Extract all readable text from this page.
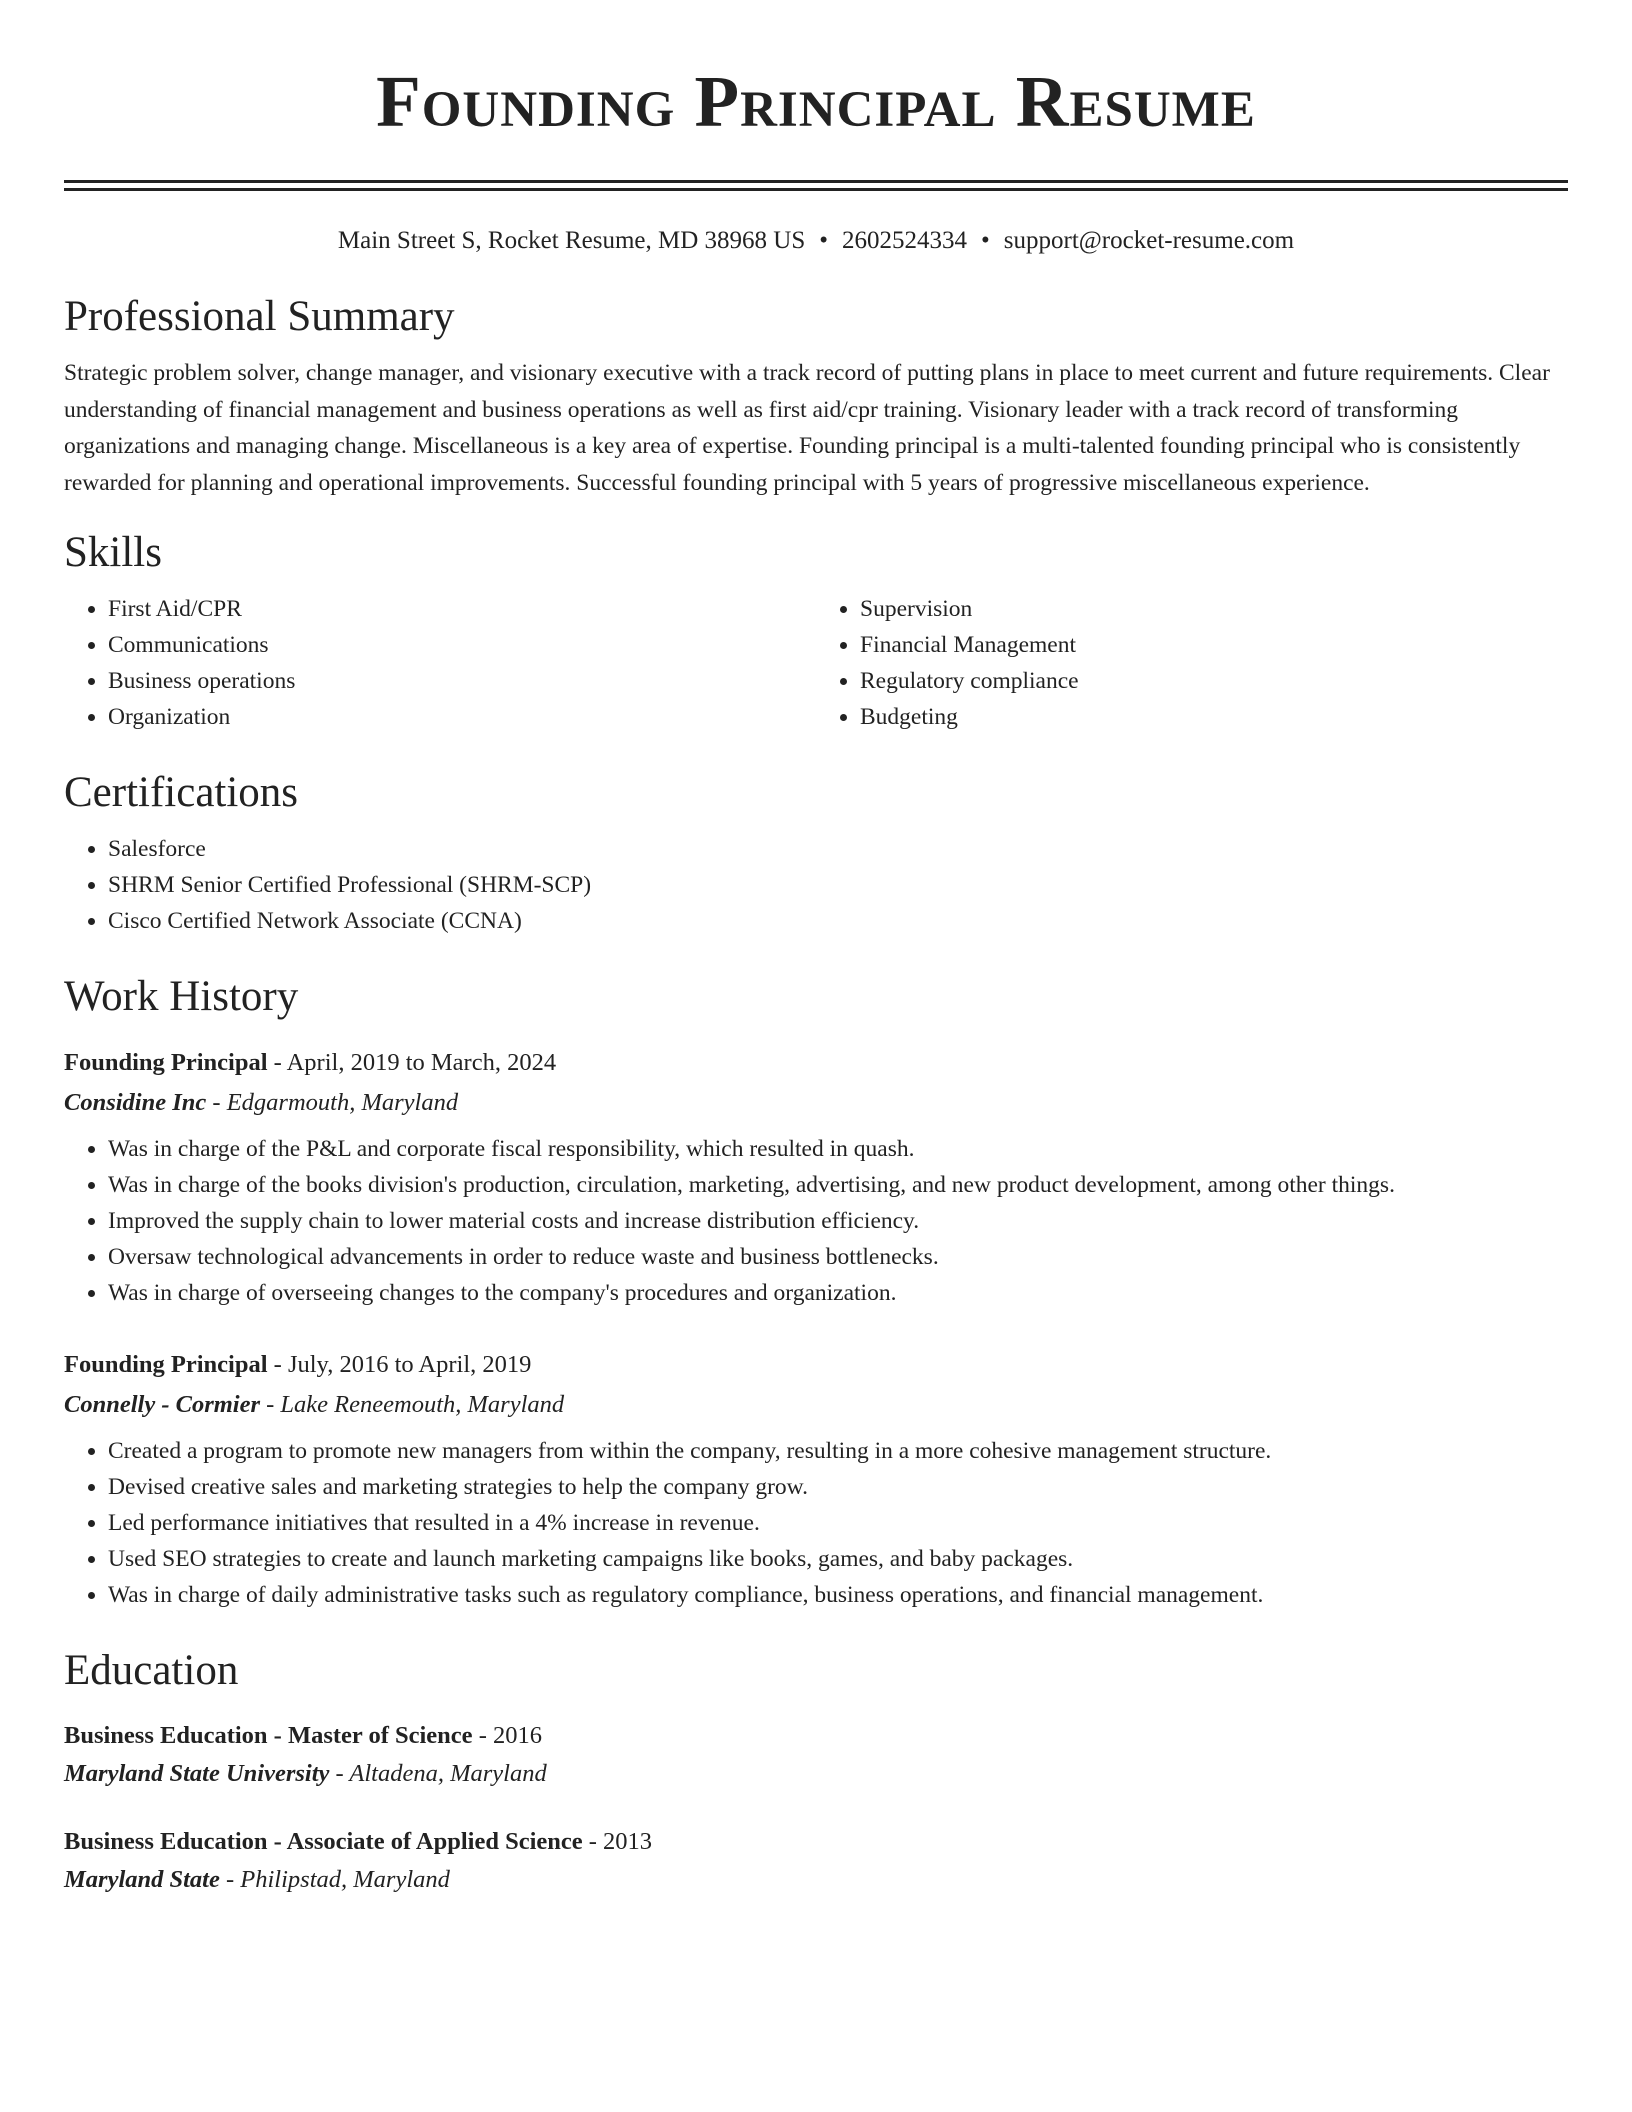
Founding Principal Resume
Main Street S, Rocket Resume, MD 38968 US • 2602524334 • support@rocket-resume.com
Professional Summary

Strategic problem solver, change manager, and visionary executive with a track record of putting plans in place to meet current and future requirements. Clear understanding of financial management and business operations as well as first aid/cpr training. Visionary leader with a track record of transforming organizations and managing change. Miscellaneous is a key area of expertise. Founding principal is a multi-talented founding principal who is consistently rewarded for planning and operational improvements. Successful founding principal with 5 years of progressive miscellaneous experience.

Skills
• First Aid/CPR
• Communications
• Business operations
• Organization
• Supervision
• Financial Management
• Regulatory compliance
• Budgeting
Certifications
• Salesforce
• SHRM Senior Certified Professional (SHRM-SCP)
• Cisco Certified Network Associate (CCNA)
Work History
Founding Principal - April, 2019 to March, 2024
Considine Inc - Edgarmouth, Maryland
• Was in charge of the P&L and corporate fiscal responsibility, which resulted in quash.
• Was in charge of the books division's production, circulation, marketing, advertising, and new product development, among other things.
• Improved the supply chain to lower material costs and increase distribution efficiency.
• Oversaw technological advancements in order to reduce waste and business bottlenecks.
• Was in charge of overseeing changes to the company's procedures and organization.
Founding Principal - July, 2016 to April, 2019
Connelly - Cormier - Lake Reneemouth, Maryland
• Created a program to promote new managers from within the company, resulting in a more cohesive management structure.
• Devised creative sales and marketing strategies to help the company grow.
• Led performance initiatives that resulted in a 4% increase in revenue.
• Used SEO strategies to create and launch marketing campaigns like books, games, and baby packages.
• Was in charge of daily administrative tasks such as regulatory compliance, business operations, and financial management.
Education
Business Education - Master of Science - 2016
Maryland State University - Altadena, Maryland
Business Education - Associate of Applied Science - 2013
Maryland State - Philipstad, Maryland
